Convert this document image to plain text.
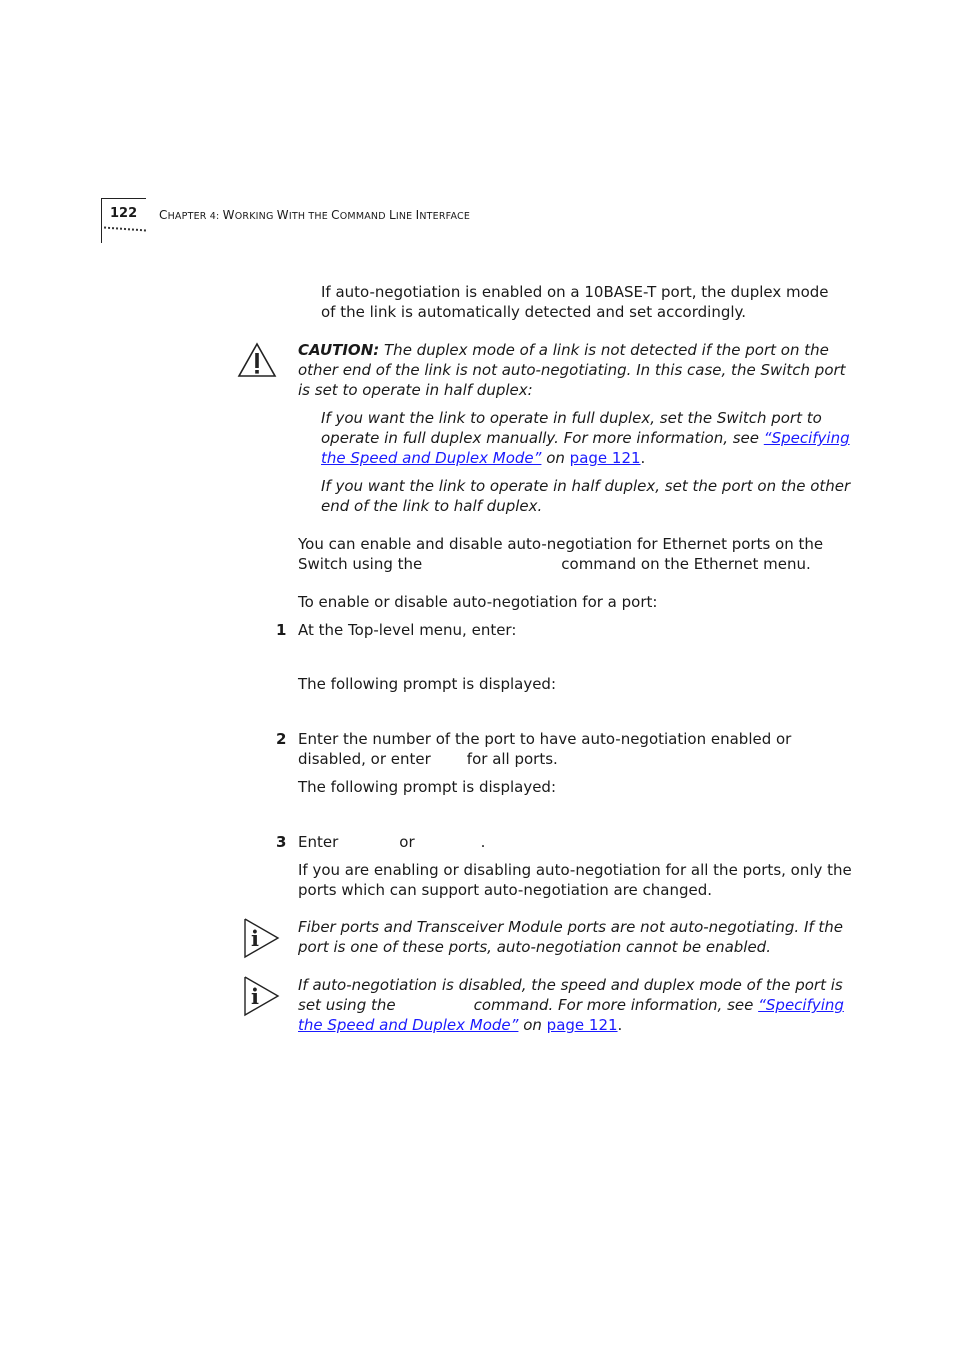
122 CHAPTER 4: WORKING WITH THE COMMAND LINE INTERFACE
If auto-negotiation is enabled on a 10BASE-T port, the duplex mode
of the link is automatically detected and set accordingly.
CAUTION: The duplex mode of a link is not detected if the port on the
other end of the link is not auto-negotiating. In this case, the Switch port
is set to operate in half duplex:
If you want the link to operate in full duplex, set the Switch port to
operate in full duplex manually. For more information, see “Specifying
the Speed and Duplex Mode” on page 121.
If you want the link to operate in half duplex, set the port on the other
end of the link to half duplex.
You can enable and disable auto-negotiation for Ethernet ports on the
Switch using the	command on the Ethernet menu.
To enable or disable auto-negotiation for a port:
1 At the Top-level menu, enter:
The following prompt is displayed:
2 Enter the number of the port to have auto-negotiation enabled or
disabled, or enter for all ports.
The following prompt is displayed:
3 Enter	or	.
If you are enabling or disabling auto-negotiation for all the ports, only the
ports which can support auto-negotiation are changed.
i	Fiber ports and Transceiver Module ports are not auto-negotiating. If the
port is one of these ports, auto-negotiation cannot be enabled.
i	If auto-negotiation is disabled, the speed and duplex mode of the port is
set using the	command. For more information, see “Specifying
the Speed and Duplex Mode” on page 121.
